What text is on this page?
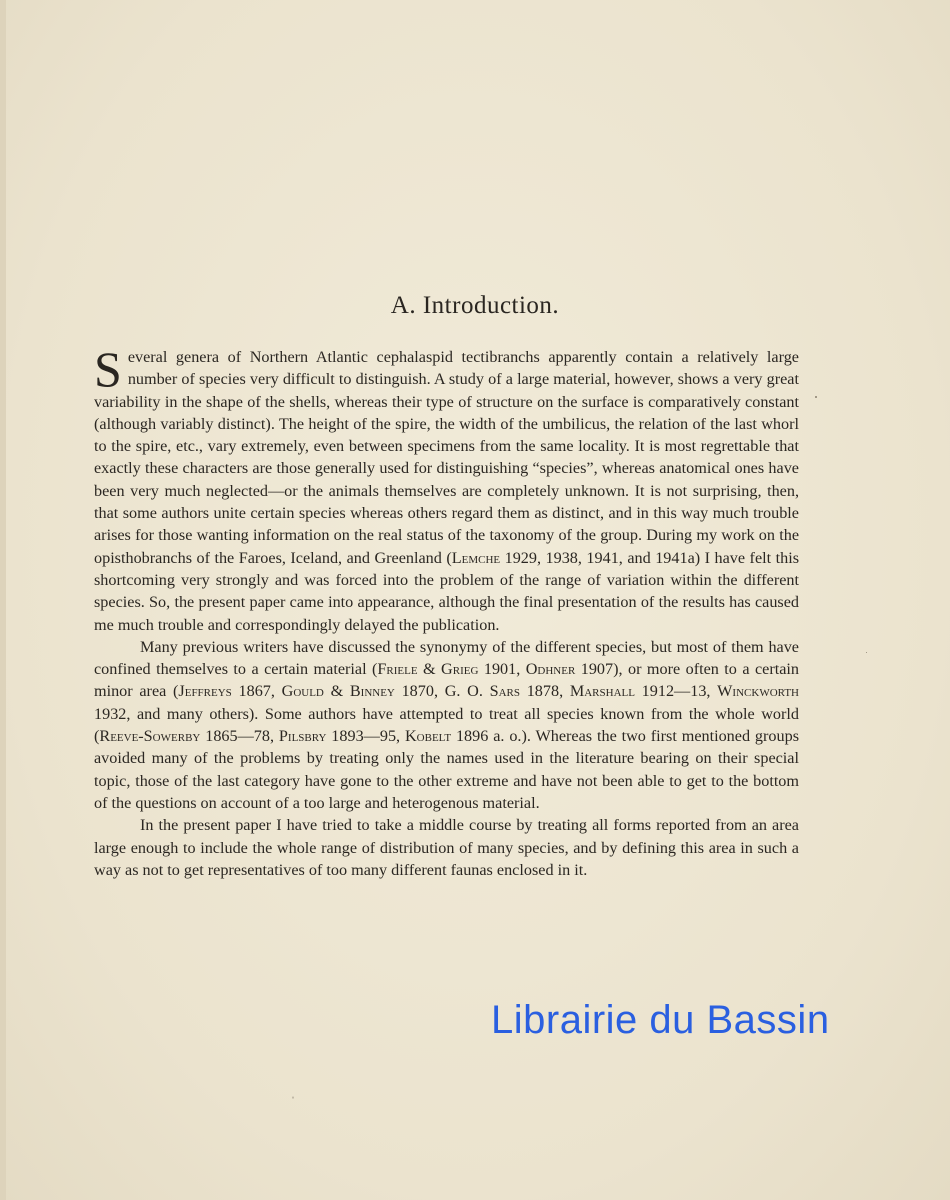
A. Introduction.

Several genera of Northern Atlantic cephalaspid tectibranchs apparently contain a relatively large number of species very difficult to distinguish. A study of a large material, however, shows a very great variability in the shape of the shells, whereas their type of structure on the surface is comparatively constant (although variably distinct). The height of the spire, the width of the umbilicus, the relation of the last whorl to the spire, etc., vary extremely, even between specimens from the same locality. It is most regrettable that exactly these characters are those generally used for distinguishing “species”, whereas anatomical ones have been very much neglected—or the animals themselves are completely unknown. It is not surprising, then, that some authors unite certain species whereas others regard them as distinct, and in this way much trouble arises for those wanting information on the real status of the taxonomy of the group. During my work on the opisthobranchs of the Faroes, Iceland, and Greenland (Lemche 1929, 1938, 1941, and 1941a) I have felt this shortcoming very strongly and was forced into the problem of the range of variation within the different species. So, the present paper came into appearance, although the final presentation of the results has caused me much trouble and correspondingly delayed the publication.

Many previous writers have discussed the synonymy of the different species, but most of them have confined themselves to a certain material (Friele & Grieg 1901, Odhner 1907), or more often to a certain minor area (Jeffreys 1867, Gould & Binney 1870, G. O. Sars 1878, Marshall 1912—13, Winckworth 1932, and many others). Some authors have attempted to treat all species known from the whole world (Reeve-Sowerby 1865—78, Pilsbry 1893—95, Kobelt 1896 a. o.). Whereas the two first mentioned groups avoided many of the problems by treating only the names used in the literature bearing on their special topic, those of the last category have gone to the other extreme and have not been able to get to the bottom of the questions on account of a too large and heterogenous material.

In the present paper I have tried to take a middle course by treating all forms reported from an area large enough to include the whole range of distribution of many species, and by defining this area in such a way as not to get representatives of too many different faunas enclosed in it.

Librairie du Bassin
ˈ
